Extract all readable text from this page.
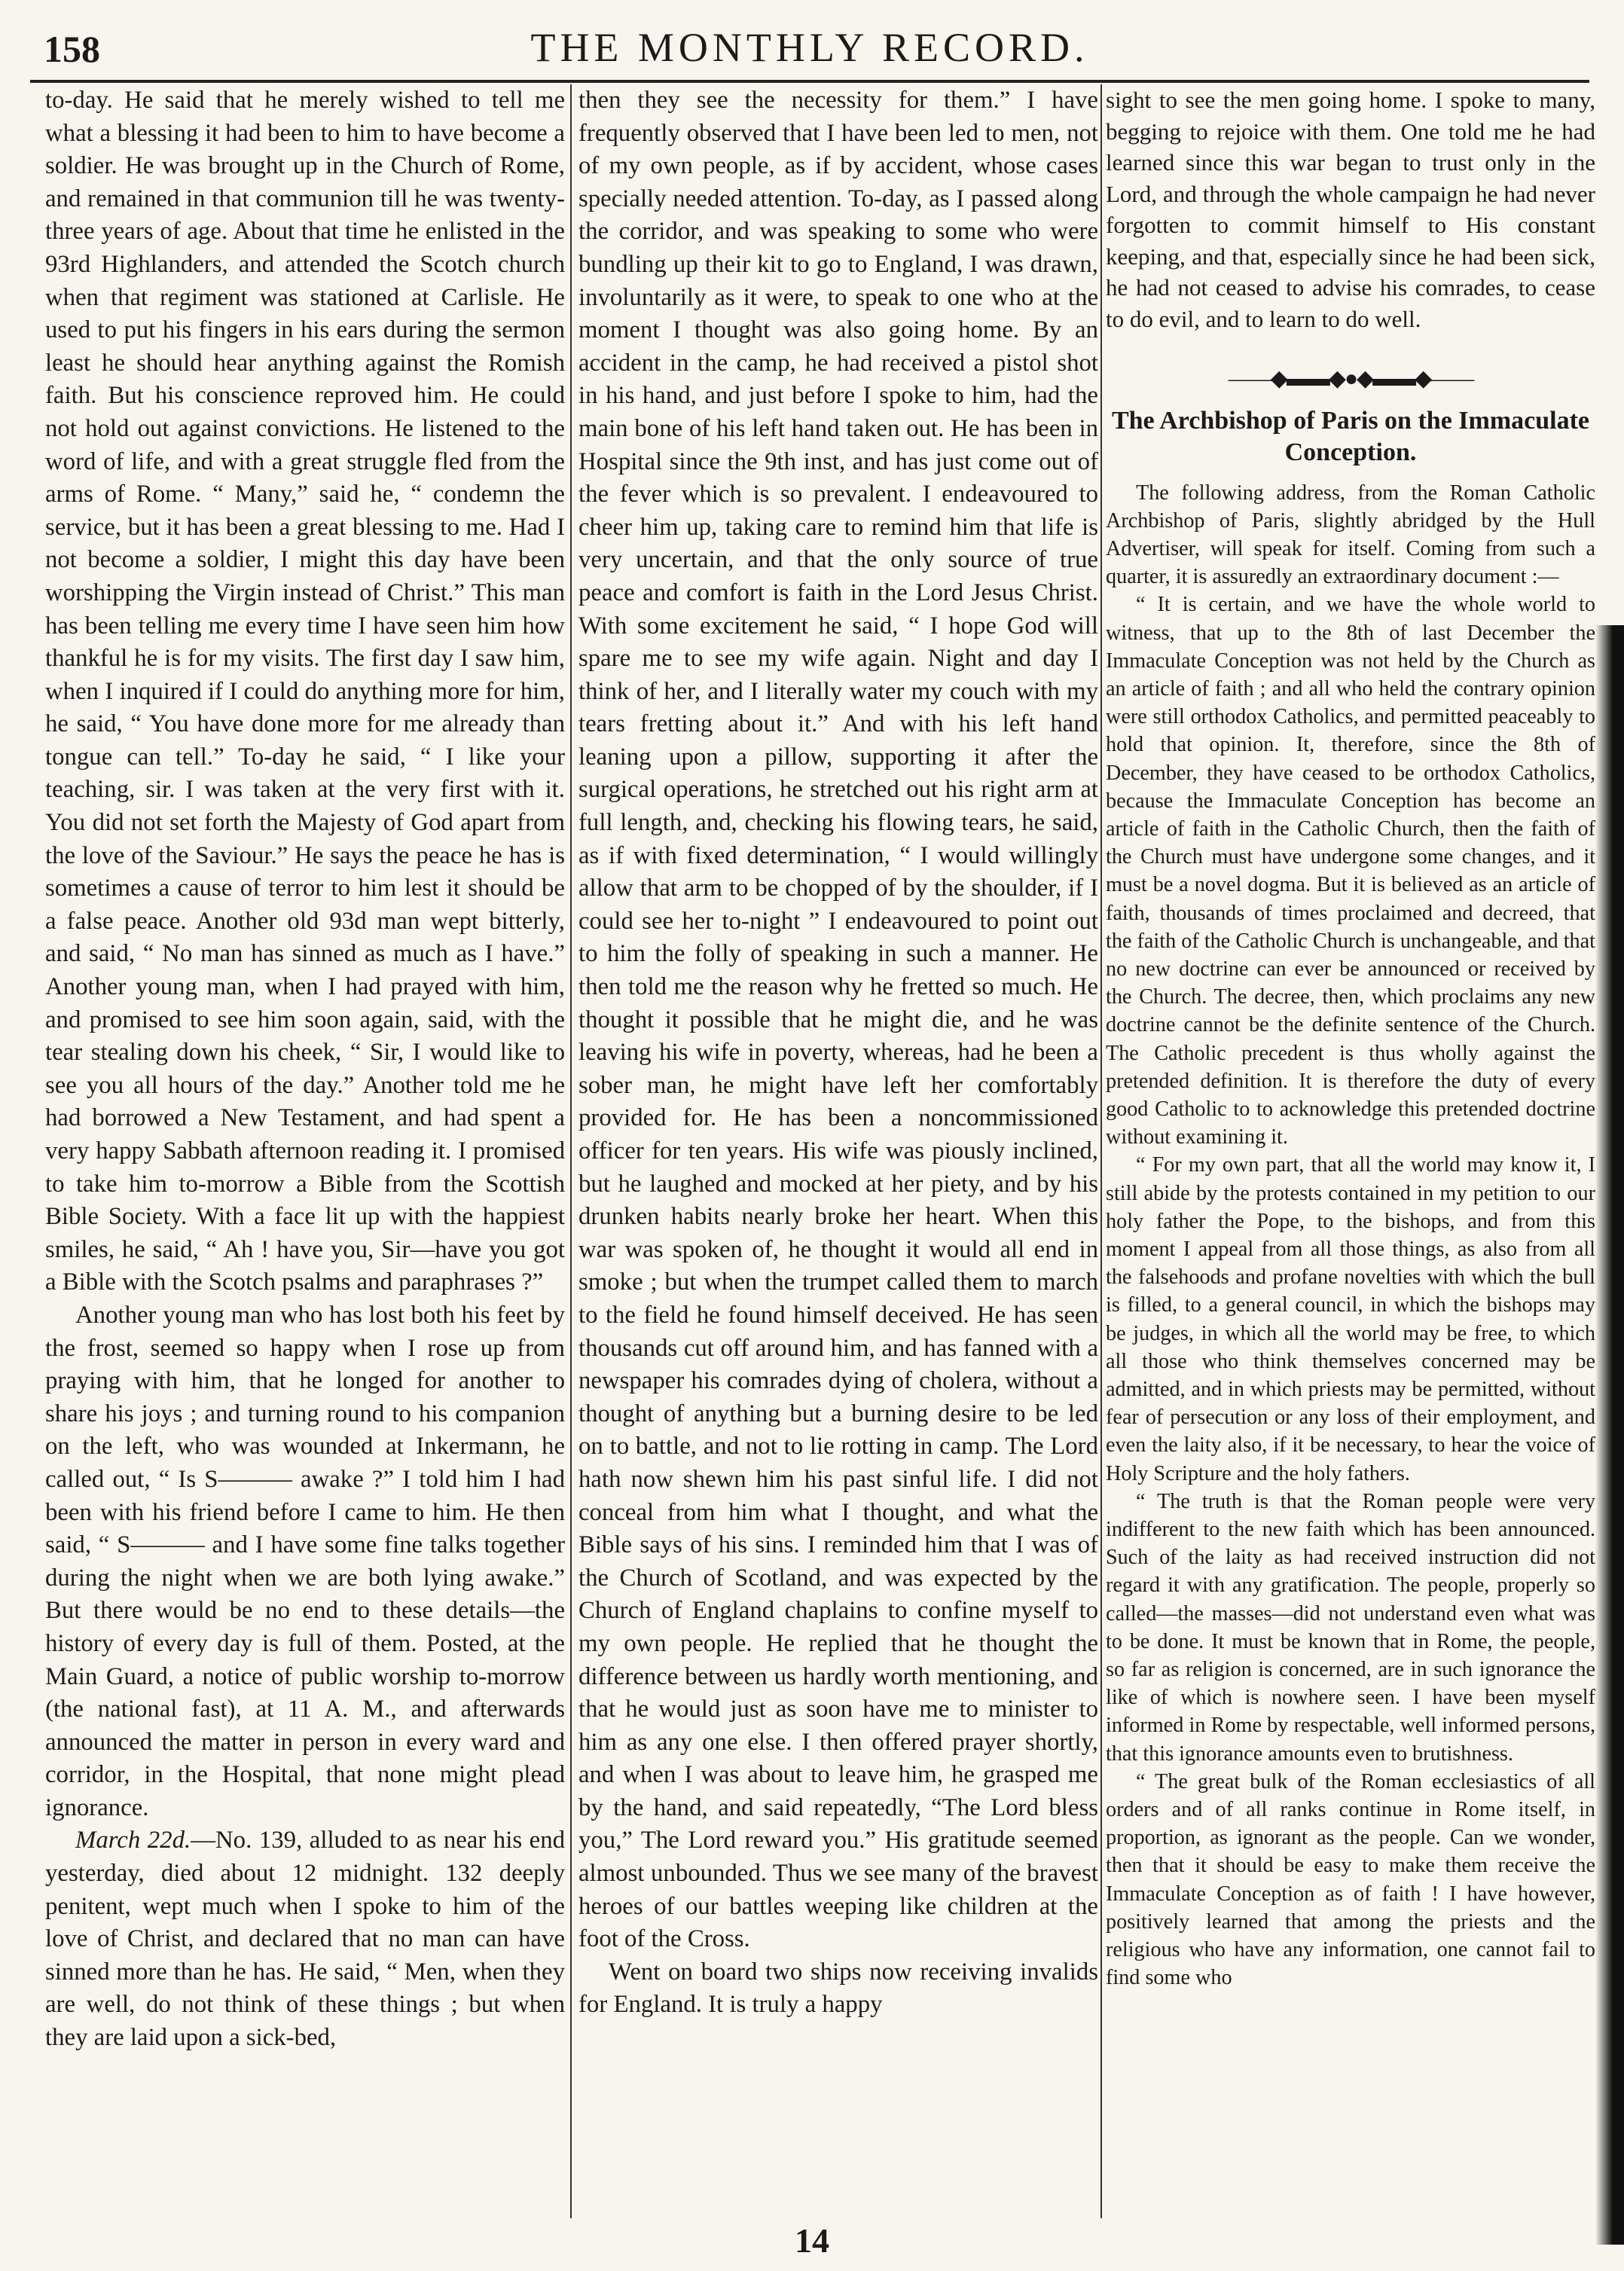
158	THE MONTHLY RECORD.

to-day. He said that he merely wished to tell me what a blessing it had been to him to have become a soldier. He was brought up in the Church of Rome, and remained in that communion till he was twenty-three years of age. About that time he enlisted in the 93rd Highlanders, and attended the Scotch church when that regiment was stationed at Carlisle. He used to put his fingers in his ears during the sermon least he should hear anything against the Romish faith. But his conscience reproved him. He could not hold out against convictions. He listened to the word of life, and with a great struggle fled from the arms of Rome. “ Many,” said he, “ condemn the service, but it has been a great blessing to me. Had I not become a soldier, I might this day have been worshipping the Virgin instead of Christ.” This man has been telling me every time I have seen him how thankful he is for my visits. The first day I saw him, when I inquired if I could do anything more for him, he said, “ You have done more for me already than tongue can tell.” To-day he said, “ I like your teaching, sir. I was taken at the very first with it. You did not set forth the Majesty of God apart from the love of the Saviour.” He says the peace he has is sometimes a cause of terror to him lest it should be a false peace. Another old 93d man wept bitterly, and said, “ No man has sinned as much as I have.” Another young man, when I had prayed with him, and promised to see him soon again, said, with the tear stealing down his cheek, “ Sir, I would like to see you all hours of the day.” Another told me he had borrowed a New Testament, and had spent a very happy Sabbath afternoon reading it. I promised to take him to-morrow a Bible from the Scottish Bible Society. With a face lit up with the happiest smiles, he said, “ Ah ! have you, Sir—have you got a Bible with the Scotch psalms and paraphrases ?”

Another young man who has lost both his feet by the frost, seemed so happy when I rose up from praying with him, that he longed for another to share his joys ; and turning round to his companion on the left, who was wounded at Inkermann, he called out, “ Is S——— awake ?” I told him I had been with his friend before I came to him. He then said, “ S——— and I have some fine talks together during the night when we are both lying awake.” But there would be no end to these details—the history of every day is full of them. Posted, at the Main Guard, a notice of public worship to-morrow (the national fast), at 11 A. M., and afterwards announced the matter in person in every ward and corridor, in the Hospital, that none might plead ignorance.

March 22d.—No. 139, alluded to as near his end yesterday, died about 12 midnight. 132 deeply penitent, wept much when I spoke to him of the love of Christ, and declared that no man can have sinned more than he has. He said, “ Men, when they are well, do not think of these things ; but when they are laid upon a sick-bed,

then they see the necessity for them.” I have frequently observed that I have been led to men, not of my own people, as if by accident, whose cases specially needed attention. To-day, as I passed along the corridor, and was speaking to some who were bundling up their kit to go to England, I was drawn, involuntarily as it were, to speak to one who at the moment I thought was also going home. By an accident in the camp, he had received a pistol shot in his hand, and just before I spoke to him, had the main bone of his left hand taken out. He has been in Hospital since the 9th inst, and has just come out of the fever which is so prevalent. I endeavoured to cheer him up, taking care to remind him that life is very uncertain, and that the only source of true peace and comfort is faith in the Lord Jesus Christ. With some excitement he said, “ I hope God will spare me to see my wife again. Night and day I think of her, and I literally water my couch with my tears fretting about it.” And with his left hand leaning upon a pillow, supporting it after the surgical operations, he stretched out his right arm at full length, and, checking his flowing tears, he said, as if with fixed determination, “ I would willingly allow that arm to be chopped of by the shoulder, if I could see her to-night ” I endeavoured to point out to him the folly of speaking in such a manner. He then told me the reason why he fretted so much. He thought it possible that he might die, and he was leaving his wife in poverty, whereas, had he been a sober man, he might have left her comfortably provided for. He has been a noncommissioned officer for ten years. His wife was piously inclined, but he laughed and mocked at her piety, and by his drunken habits nearly broke her heart. When this war was spoken of, he thought it would all end in smoke ; but when the trumpet called them to march to the field he found himself deceived. He has seen thousands cut off around him, and has fanned with a newspaper his comrades dying of cholera, without a thought of anything but a burning desire to be led on to battle, and not to lie rotting in camp. The Lord hath now shewn him his past sinful life. I did not conceal from him what I thought, and what the Bible says of his sins. I reminded him that I was of the Church of Scotland, and was expected by the Church of England chaplains to confine myself to my own people. He replied that he thought the difference between us hardly worth mentioning, and that he would just as soon have me to minister to him as any one else. I then offered prayer shortly, and when I was about to leave him, he grasped me by the hand, and said repeatedly, “The Lord bless you,” The Lord reward you.” His gratitude seemed almost unbounded. Thus we see many of the bravest heroes of our battles weeping like children at the foot of the Cross.

Went on board two ships now receiving invalids for England. It is truly a happy

sight to see the men going home. I spoke to many, begging to rejoice with them. One told me he had learned since this war began to trust only in the Lord, and through the whole campaign he had never forgotten to commit himself to His constant keeping, and that, especially since he had been sick, he had not ceased to advise his comrades, to cease to do evil, and to learn to do well.

——◆▬▬◆●◆▬▬◆——
The Archbishop of Paris on the Immaculate Conception.

The following address, from the Roman Catholic Archbishop of Paris, slightly abridged by the Hull Advertiser, will speak for itself. Coming from such a quarter, it is assuredly an extraordinary document :—

“ It is certain, and we have the whole world to witness, that up to the 8th of last December the Immaculate Conception was not held by the Church as an article of faith ; and all who held the contrary opinion were still orthodox Catholics, and permitted peaceably to hold that opinion. It, therefore, since the 8th of December, they have ceased to be orthodox Catholics, because the Immaculate Conception has become an article of faith in the Catholic Church, then the faith of the Church must have undergone some changes, and it must be a novel dogma. But it is believed as an article of faith, thousands of times proclaimed and decreed, that the faith of the Catholic Church is unchangeable, and that no new doctrine can ever be announced or received by the Church. The decree, then, which proclaims any new doctrine cannot be the definite sentence of the Church. The Catholic precedent is thus wholly against the pretended definition. It is therefore the duty of every good Catholic to to acknowledge this pretended doctrine without examining it.

“ For my own part, that all the world may know it, I still abide by the protests contained in my petition to our holy father the Pope, to the bishops, and from this moment I appeal from all those things, as also from all the falsehoods and profane novelties with which the bull is filled, to a general council, in which the bishops may be judges, in which all the world may be free, to which all those who think themselves concerned may be admitted, and in which priests may be permitted, without fear of persecution or any loss of their employment, and even the laity also, if it be necessary, to hear the voice of Holy Scripture and the holy fathers.

“ The truth is that the Roman people were very indifferent to the new faith which has been announced. Such of the laity as had received instruction did not regard it with any gratification. The people, properly so called—the masses—did not understand even what was to be done. It must be known that in Rome, the people, so far as religion is concerned, are in such ignorance the like of which is nowhere seen. I have been myself informed in Rome by respectable, well informed persons, that this ignorance amounts even to brutishness.

“ The great bulk of the Roman ecclesiastics of all orders and of all ranks continue in Rome itself, in proportion, as ignorant as the people. Can we wonder, then that it should be easy to make them receive the Immaculate Conception as of faith ! I have however, positively learned that among the priests and the religious who have any information, one cannot fail to find some who

14
